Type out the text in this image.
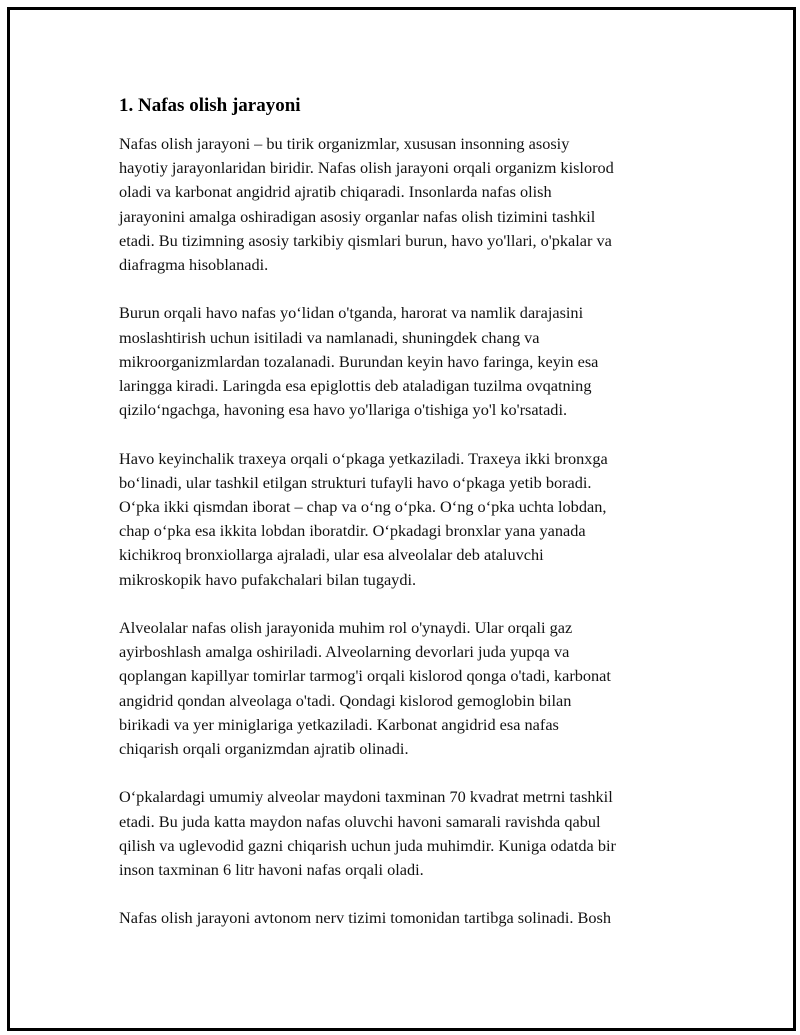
1. Nafas olish jarayoni

Nafas olish jarayoni – bu tirik organizmlar, xususan insonning asosiy
hayotiy jarayonlaridan biridir. Nafas olish jarayoni orqali organizm kislorod
oladi va karbonat angidrid ajratib chiqaradi. Insonlarda nafas olish
jarayonini amalga oshiradigan asosiy organlar nafas olish tizimini tashkil
etadi. Bu tizimning asosiy tarkibiy qismlari burun, havo yo'llari, o'pkalar va
diafragma hisoblanadi.

Burun orqali havo nafas yo‘lidan o'tganda, harorat va namlik darajasini
moslashtirish uchun isitiladi va namlanadi, shuningdek chang va
mikroorganizmlardan tozalanadi. Burundan keyin havo faringa, keyin esa
laringga kiradi. Laringda esa epiglottis deb ataladigan tuzilma ovqatning
qizilo‘ngachga, havoning esa havo yo'llariga o'tishiga yo'l ko'rsatadi.

Havo keyinchalik traxeya orqali o‘pkaga yetkaziladi. Traxeya ikki bronxga
bo‘linadi, ular tashkil etilgan strukturi tufayli havo o‘pkaga yetib boradi.
O‘pka ikki qismdan iborat – chap va o‘ng o‘pka. O‘ng o‘pka uchta lobdan,
chap o‘pka esa ikkita lobdan iboratdir. O‘pkadagi bronxlar yana yanada
kichikroq bronxiollarga ajraladi, ular esa alveolalar deb ataluvchi
mikroskopik havo pufakchalari bilan tugaydi.

Alveolalar nafas olish jarayonida muhim rol o'ynaydi. Ular orqali gaz
ayirboshlash amalga oshiriladi. Alveolarning devorlari juda yupqa va
qoplangan kapillyar tomirlar tarmog'i orqali kislorod qonga o'tadi, karbonat
angidrid qondan alveolaga o'tadi. Qondagi kislorod gemoglobin bilan
birikadi va yer miniglariga yetkaziladi. Karbonat angidrid esa nafas
chiqarish orqali organizmdan ajratib olinadi.

O‘pkalardagi umumiy alveolar maydoni taxminan 70 kvadrat metrni tashkil
etadi. Bu juda katta maydon nafas oluvchi havoni samarali ravishda qabul
qilish va uglevodid gazni chiqarish uchun juda muhimdir. Kuniga odatda bir
inson taxminan 6 litr havoni nafas orqali oladi.

Nafas olish jarayoni avtonom nerv tizimi tomonidan tartibga solinadi. Bosh
